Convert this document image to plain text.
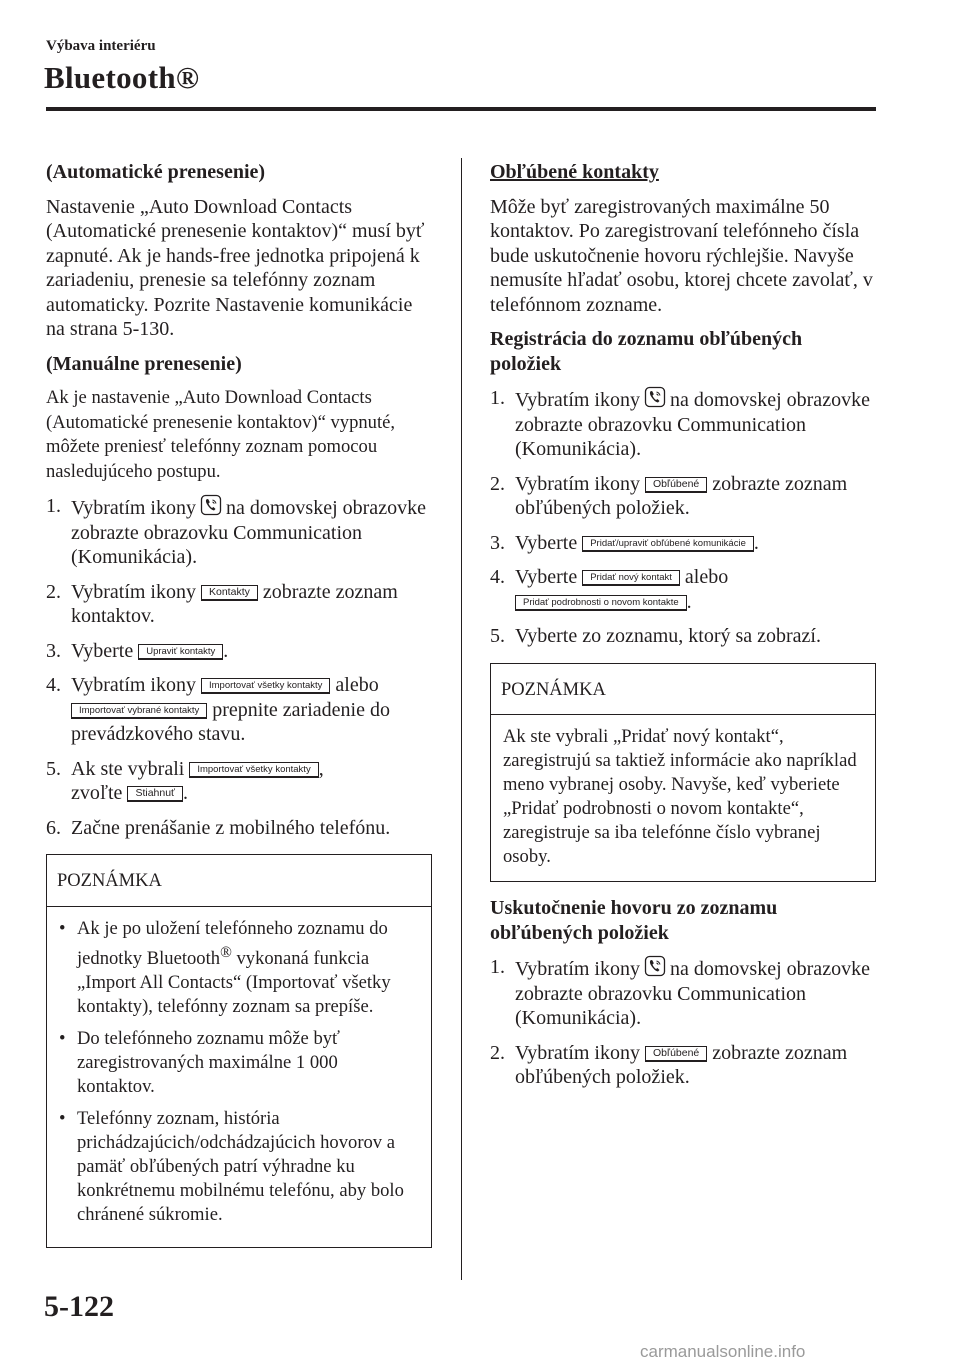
Výbava interiéru
Bluetooth®
(Automatické prenesenie)

Nastavenie „Auto Download Contacts (Automatické prenesenie kontaktov)“ musí byť zapnuté. Ak je hands-free jednotka pripojená k zariadeniu, prenesie sa telefónny zoznam automaticky. Pozrite Nastavenie komunikácie na strana 5-130.

(Manuálne prenesenie)

Ak je nastavenie „Auto Download Contacts (Automatické prenesenie kontaktov)“ vypnuté, môžete preniesť telefónny zoznam pomocou nasledujúceho postupu.

1. Vybratím ikony na domovskej obrazovke zobrazte obrazovku Communication (Komunikácia).
2. Vybratím ikony Kontakty zobrazte zoznam kontaktov.
3. Vyberte Upraviť kontakty .
4. Vybratím ikony Importovať všetky kontakty alebo
Importovať vybrané kontakty prepnite zariadenie do prevádzkového stavu.
5. Ak ste vybrali Importovať všetky kontakty ,
zvoľte Stiahnuť .
6. Začne prenášanie z mobilného telefónu.
POZNÁMKA
• Ak je po uložení telefónneho zoznamu do jednotky Bluetooth® vykonaná funkcia „Import All Contacts“ (Importovať všetky kontakty), telefónny zoznam sa prepíše.
• Do telefónneho zoznamu môže byť zaregistrovaných maximálne 1 000 kontaktov.
• Telefónny zoznam, história prichádzajúcich/odchádzajúcich hovorov a pamäť obľúbených patrí výhradne ku konkrétnemu mobilnému telefónu, aby bolo chránené súkromie.
Obľúbené kontakty

Môže byť zaregistrovaných maximálne 50 kontaktov. Po zaregistrovaní telefónneho čísla bude uskutočnenie hovoru rýchlejšie. Navyše nemusíte hľadať osobu, ktorej chcete zavolať, v telefónnom zozname.

Registrácia do zoznamu obľúbených položiek
1. Vybratím ikony na domovskej obrazovke zobrazte obrazovku Communication (Komunikácia).
2. Vybratím ikony Obľúbené zobrazte zoznam obľúbených položiek.
3. Vyberte Pridať/upraviť obľúbené komunikácie .
4. Vyberte Pridať nový kontakt alebo
Pridať podrobnosti o novom kontakte .
5. Vyberte zo zoznamu, ktorý sa zobrazí.
POZNÁMKA
Ak ste vybrali „Pridať nový kontakt“, zaregistrujú sa taktiež informácie ako napríklad meno vybranej osoby. Navyše, keď vyberiete „Pridať podrobnosti o novom kontakte“, zaregistruje sa iba telefónne číslo vybranej osoby.
Uskutočnenie hovoru zo zoznamu obľúbených položiek
1. Vybratím ikony na domovskej obrazovke zobrazte obrazovku Communication (Komunikácia).
2. Vybratím ikony Obľúbené zobrazte zoznam obľúbených položiek.
5-122
carmanualsonline.info
